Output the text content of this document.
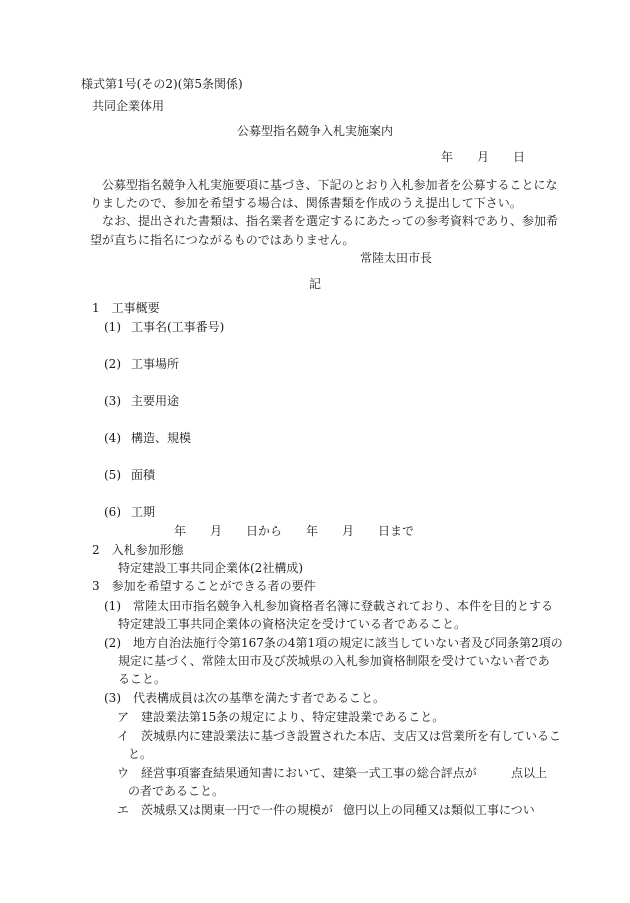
様式第1号(その2)(第5条関係)
共同企業体用
公募型指名競争入札実施案内
年　　月　　日
公募型指名競争入札実施要項に基づき、下記のとおり入札参加者を公募することにな
りましたので、参加を希望する場合は、関係書類を作成のうえ提出して下さい。
なお、提出された書類は、指名業者を選定するにあたっての参考資料であり、参加希
望が直ちに指名につながるものではありません。
常陸太田市長
記
1　工事概要
(1) 工事名(工事番号)
(2) 工事場所
(3) 主要用途
(4) 構造、規模
(5) 面積
(6) 工期
年　　月　　日から　　年　　月　　日まで
2　入札参加形態
特定建設工事共同企業体(2社構成)
3　参加を希望することができる者の要件
(1)　常陸太田市指名競争入札参加資格者名簿に登載されており、本件を目的とする
特定建設工事共同企業体の資格決定を受けている者であること。
(2)　地方自治法施行令第167条の4第1項の規定に該当していない者及び同条第2項の
規定に基づく、常陸太田市及び茨城県の入札参加資格制限を受けていない者であ
ること。
(3)　代表構成員は次の基準を満たす者であること。
ア　建設業法第15条の規定により、特定建設業であること。
イ　茨城県内に建設業法に基づき設置された本店、支店又は営業所を有しているこ
と。
ウ　経営事項審査結果通知書において、建築一式工事の総合評点が	点以上
の者であること。
エ　茨城県又は関東一円で一件の規模が 億円以上の同種又は類似工事につい
